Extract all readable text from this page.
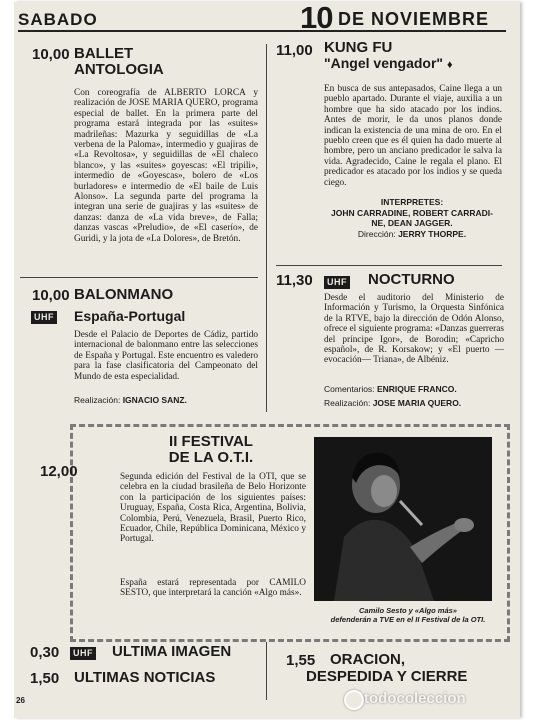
SABADO	10 DE NOVIEMBRE
10,00 BALLET
ANTOLOGIA
Con coreografía de ALBERTO LORCA y realización de JOSE MARIA QUERO, programa especial de ballet. En la primera parte del programa estará integrada por las «suites» madrileñas: Mazurka y seguidillas de «La verbena de la Paloma», intermedio y guajiras de «La Revoltosa», y seguidillas de «El chaleco blanco», y las «suites» goyescas: «El tripili», intermedio de «Goyescas», bolero de «Los burladores» e intermedio de «El baile de Luis Alonso». La segunda parte del programa la integran una serie de guajiras y las «suites» de danzas: danza de «La vida breve», de Falla; danzas vascas «Preludio», de «El caserío», de Guridi, y la jota de «La Dolores», de Bretón.
11,00 KUNG FU
"Angel vengador" ♦
En busca de sus antepasados, Caine llega a un pueblo apartado. Durante el viaje, auxilia a un hombre que ha sido atacado por los indios. Antes de morir, le da unos planos donde indican la existencia de una mina de oro. En el pueblo creen que es él quien ha dado muerte al hombre, pero un anciano predicador le salva la vida. Agradecido, Caine le regala el plano. El predicador es atacado por los indios y se queda ciego.
INTERPRETES:
JOHN CARRADINE, ROBERT CARRADI-
NE, DEAN JAGGER.
Dirección: JERRY THORPE.
10,00 BALONMANO
UHF España-Portugal
Desde el Palacio de Deportes de Cádiz, partido internacional de balonmano entre las selecciones de España y Portugal. Este encuentro es valedero para la fase clasificatoria del Campeonato del Mundo de esta especialidad.
Realización: IGNACIO SANZ.
11,30	UHF NOCTURNO
Desde el auditorio del Ministerio de Información y Turismo, la Orquesta Sinfónica de la RTVE, bajo la dirección de Odón Alonso, ofrece el siguiente programa: «Danzas guerreras del príncipe Igor», de Borodin; «Capricho español», de R. Korsakow; y «El puerto —evocación— Triana», de Albéniz.
Comentarios: ENRIQUE FRANCO.
Realización: JOSE MARIA QUERO.
12,00
II FESTIVAL
DE LA O.T.I.
Segunda edición del Festival de la OTI, que se celebra en la ciudad brasileña de Belo Horizonte con la participación de los siguientes países: Uruguay, España, Costa Rica, Argentina, Bolivia, Colombia, Perú, Venezuela, Brasil, Puerto Rico, Ecuador, Chile, República Dominicana, México y Portugal.
España estará representada por CAMILO SESTO, que interpretará la canción «Algo más».
Camilo Sesto y «Algo más»
defenderán a TVE en el II Festival de la OTI.
0,30	UHF ULTIMA IMAGEN
1,50 ULTIMAS NOTICIAS
1,55 ORACION,
DESPEDIDA Y CIERRE
26	todocoleccion
